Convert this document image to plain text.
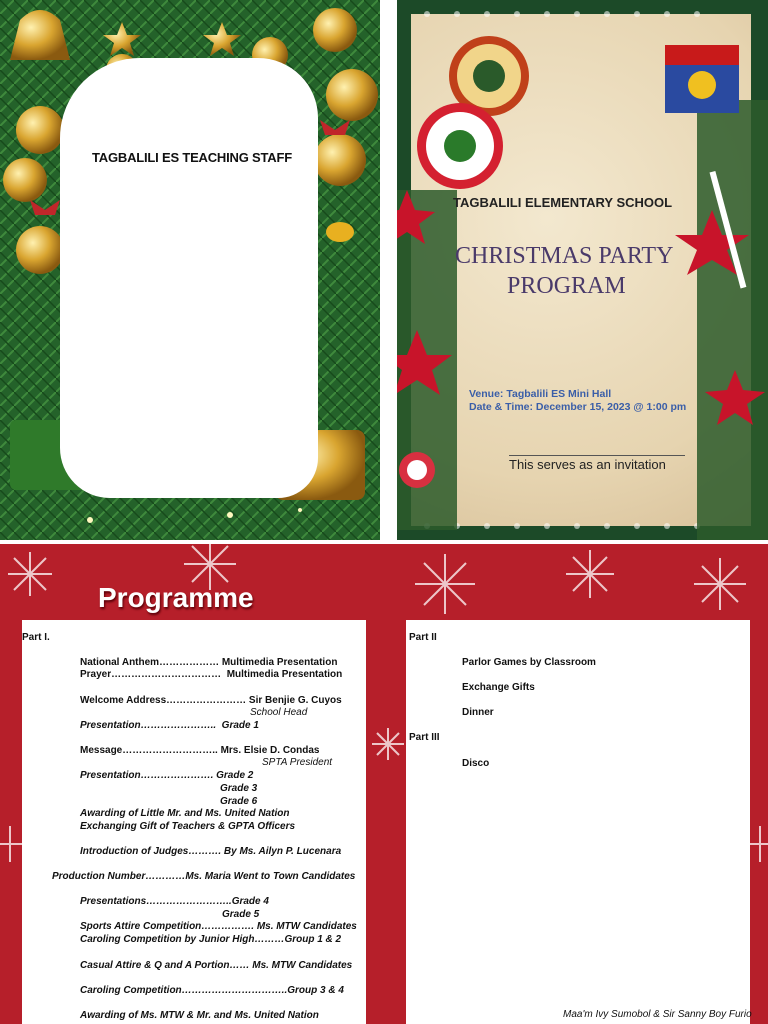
TAGBALILI ES TEACHING STAFF
TAGBALILI ELEMENTARY SCHOOL
CHRISTMAS PARTY
PROGRAM
Venue: Tagbalili ES Mini Hall
Date & Time: December 15, 2023 @ 1:00 pm
This serves as an invitation
Programme
Part I.
National Anthem……………… Multimedia Presentation
Prayer……………………………  Multimedia Presentation
Welcome Address…………………… Sir Benjie G. Cuyos
School Head
Presentation…………………..  Grade 1
Message……………………….. Mrs. Elsie D. Condas
SPTA President
Presentation…………………. Grade 2
Grade 3
Grade 6
Awarding of Little Mr. and Ms. United Nation
Exchanging Gift of Teachers & GPTA Officers
Introduction of Judges………. By Ms. Ailyn P. Lucenara
Production Number…………Ms. Maria Went to Town Candidates
Presentations……………………..Grade 4
Grade 5
Sports Attire Competition……………. Ms. MTW Candidates
Caroling Competition by Junior High………Group 1 & 2
Casual Attire & Q and A Portion…… Ms. MTW Candidates
Caroling Competition…………………………..Group 3 & 4
Awarding of Ms. MTW & Mr. and Ms. United Nation
Part II
Parlor Games by Classroom
Exchange Gifts
Dinner
Part III
Disco
Maa'm Ivy Sumobol & Sir Sanny Boy Furio
